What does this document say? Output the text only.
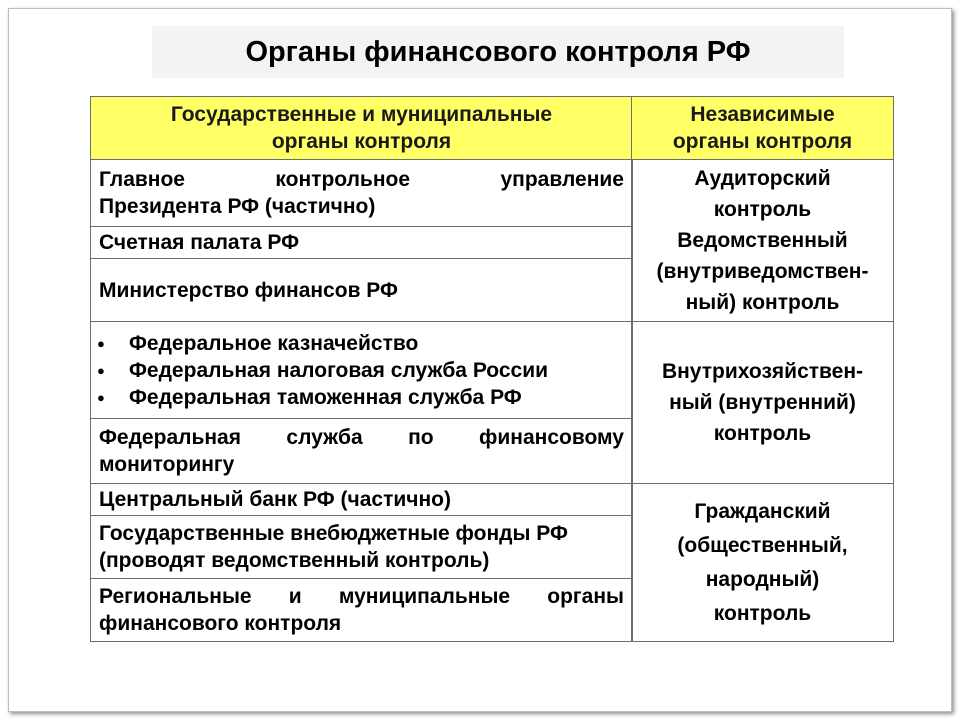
Органы финансового контроля РФ
Государственные и муниципальные
органы контроля
Независимые
органы контроля
Главное	контрольное	управление
Президента РФ (частично)
Счетная палата РФ
Министерство финансов РФ
● Федеральное казначейство
● Федеральная налоговая служба России
● Федеральная таможенная служба РФ
Федеральная служба по финансовому
мониторингу
Центральный банк РФ (частично)
Государственные внебюджетные фонды РФ
(проводят ведомственный контроль)
Региональные и муниципальные органы
финансового контроля
Аудиторский
контроль
Ведомственный
(внутриведомствен-
ный) контроль
Внутрихозяйствен-
ный (внутренний)
контроль
Гражданский
(общественный,
народный)
контроль
